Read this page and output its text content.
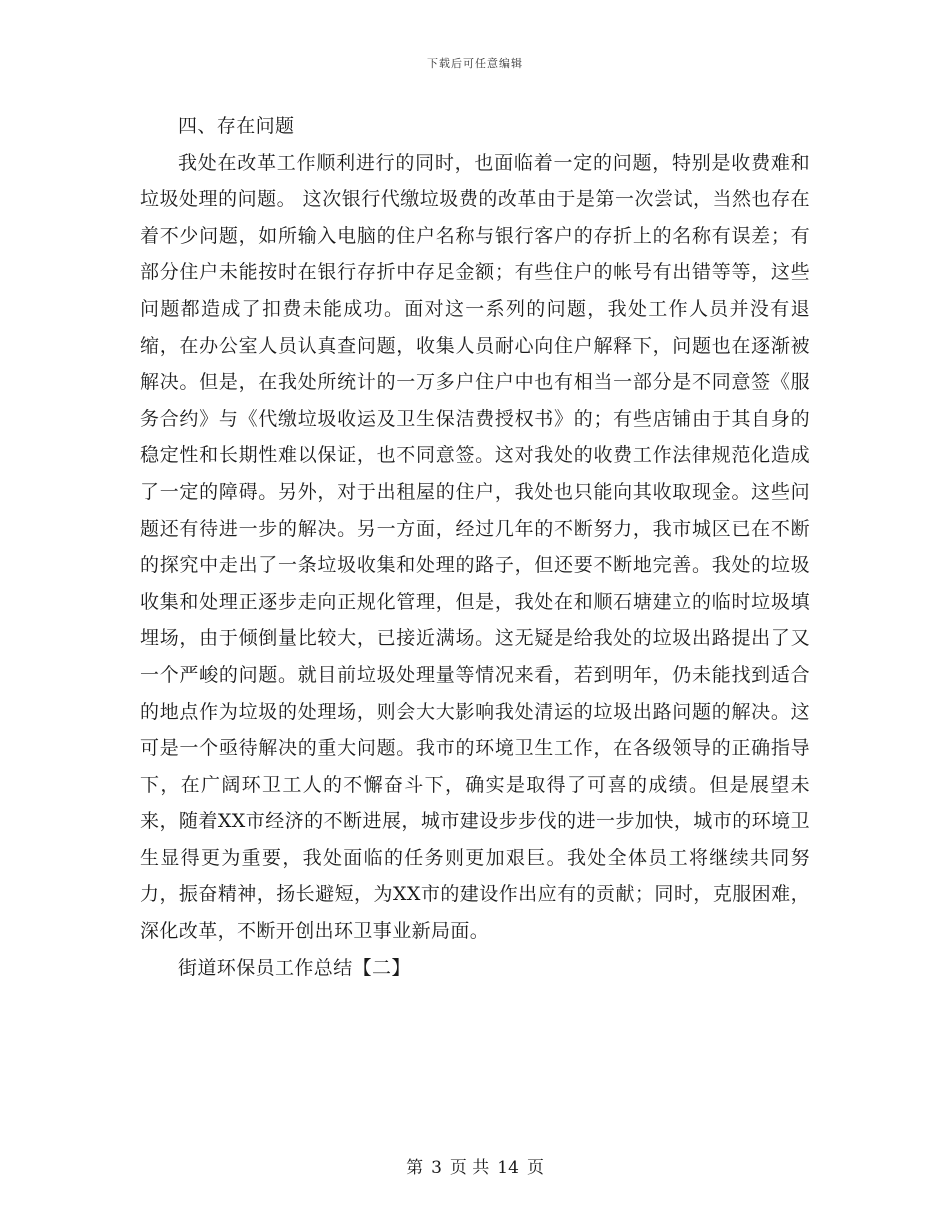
下载后可任意编辑

四、存在问题

我处在改革工作顺利进行的同时，也面临着一定的问题，特别是收费难和垃圾处理的问题。 这次银行代缴垃圾费的改革由于是第一次尝试，当然也存在着不少问题，如所输入电脑的住户名称与银行客户的存折上的名称有误差；有部分住户未能按时在银行存折中存足金额；有些住户的帐号有出错等等，这些问题都造成了扣费未能成功。面对这一系列的问题，我处工作人员并没有退缩，在办公室人员认真查问题，收集人员耐心向住户解释下，问题也在逐渐被解决。但是，在我处所统计的一万多户住户中也有相当一部分是不同意签《服务合约》与《代缴垃圾收运及卫生保洁费授权书》的；有些店铺由于其自身的稳定性和长期性难以保证，也不同意签。这对我处的收费工作法律规范化造成了一定的障碍。另外，对于出租屋的住户，我处也只能向其收取现金。这些问题还有待进一步的解决。另一方面，经过几年的不断努力，我市城区已在不断的探究中走出了一条垃圾收集和处理的路子，但还要不断地完善。我处的垃圾收集和处理正逐步走向正规化管理，但是，我处在和顺石塘建立的临时垃圾填埋场，由于倾倒量比较大，已接近满场。这无疑是给我处的垃圾出路提出了又一个严峻的问题。就目前垃圾处理量等情况来看，若到明年，仍未能找到适合的地点作为垃圾的处理场，则会大大影响我处清运的垃圾出路问题的解决。这可是一个亟待解决的重大问题。我市的环境卫生工作，在各级领导的正确指导下，在广阔环卫工人的不懈奋斗下，确实是取得了可喜的成绩。但是展望未来，随着XX市经济的不断进展，城市建设步步伐的进一步加快，城市的环境卫生显得更为重要，我处面临的任务则更加艰巨。我处全体员工将继续共同努力，振奋精神，扬长避短，为XX市的建设作出应有的贡献；同时，克服困难，深化改革，不断开创出环卫事业新局面。

街道环保员工作总结【二】

第 3 页 共 14 页
